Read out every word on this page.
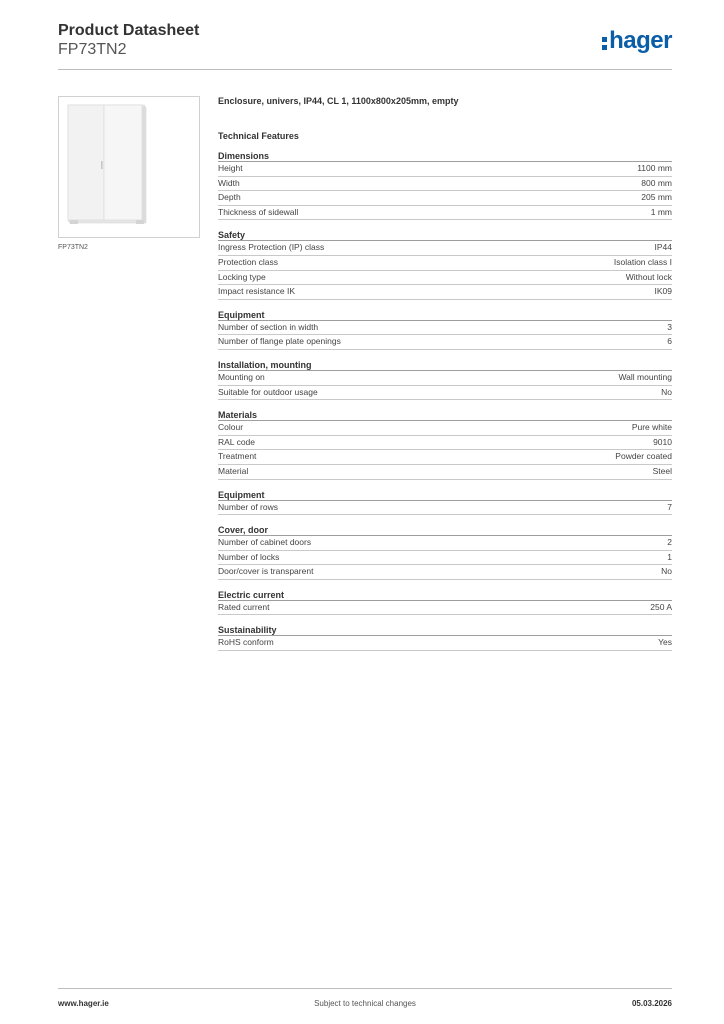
Product Datasheet
FP73TN2	hager
FP73TN2
Enclosure, univers, IP44, CL 1, 1100x800x205mm, empty
Technical Features
Dimensions
Height	1100 mm
Width	800 mm
Depth	205 mm
Thickness of sidewall	1 mm
Safety
Ingress Protection (IP) class	IP44
Protection class	Isolation class I
Locking type	Without lock
Impact resistance IK	IK09
Equipment
Number of section in width	3
Number of flange plate openings	6
Installation, mounting
Mounting on	Wall mounting
Suitable for outdoor usage	No
Materials
Colour	Pure white
RAL code	9010
Treatment	Powder coated
Material	Steel
Equipment
Number of rows	7
Cover, door
Number of cabinet doors	2
Number of locks	1
Door/cover is transparent	No
Electric current
Rated current	250 A
Sustainability
RoHS conform	Yes
www.hager.ie	Subject to technical changes	05.03.2026
